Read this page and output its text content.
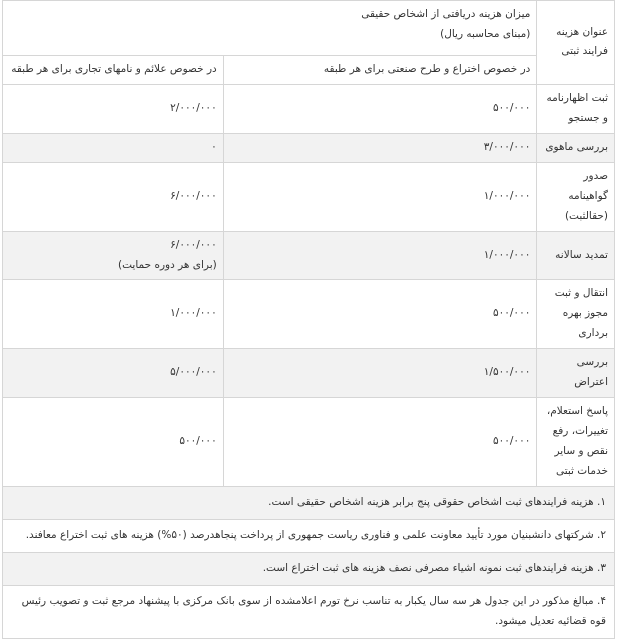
عنوان هزینه فرایند ثبتی	میزان هزینه دریافتی از اشخاص حقیقی
(مبنای محاسبه ریال)	

	در خصوص اختراع و طرح صنعتی برای هر طبقه	در خصوص علائم و نامهای تجاری برای هر طبقه
ثبت اظهارنامه و جستجو	۵۰۰/۰۰۰	۲/۰۰۰/۰۰۰
بررسی ماهوی	۳/۰۰۰/۰۰۰	۰
صدور گواهینامه (حقالثبت)	۱/۰۰۰/۰۰۰	۶/۰۰۰/۰۰۰
تمدید سالانه	۱/۰۰۰/۰۰۰	۶/۰۰۰/۰۰۰
(برای هر دوره حمایت)

انتقال و ثبت مجوز بهره برداری	۵۰۰/۰۰۰	۱/۰۰۰/۰۰۰
بررسی اعتراض	۱/۵۰۰/۰۰۰	۵/۰۰۰/۰۰۰
پاسخ استعلام، تغییرات، رفع نقص و سایر خدمات ثبتی	۵۰۰/۰۰۰	۵۰۰/۰۰۰
۱. هزینه فرایندهای ثبت اشخاص حقوقی پنج برابر هزینه اشخاص حقیقی است.		
۲. شرکتهای دانشبنیان مورد تأیید معاونت علمی و فناوری ریاست جمهوری از پرداخت پنجاهدرصد (۵۰%) هزینه های ثبت اختراع معافند.		
۳. هزینه فرایندهای ثبت نمونه اشیاء مصرفی نصف هزینه های ثبت اختراع است.		
۴. مبالغ مذکور در این جدول هر سه سال یکبار به تناسب نرخ تورم اعلامشده از سوی بانک مرکزی با پیشنهاد مرجع ثبت و تصویب رئیس قوه قضائیه تعدیل میشود.		
